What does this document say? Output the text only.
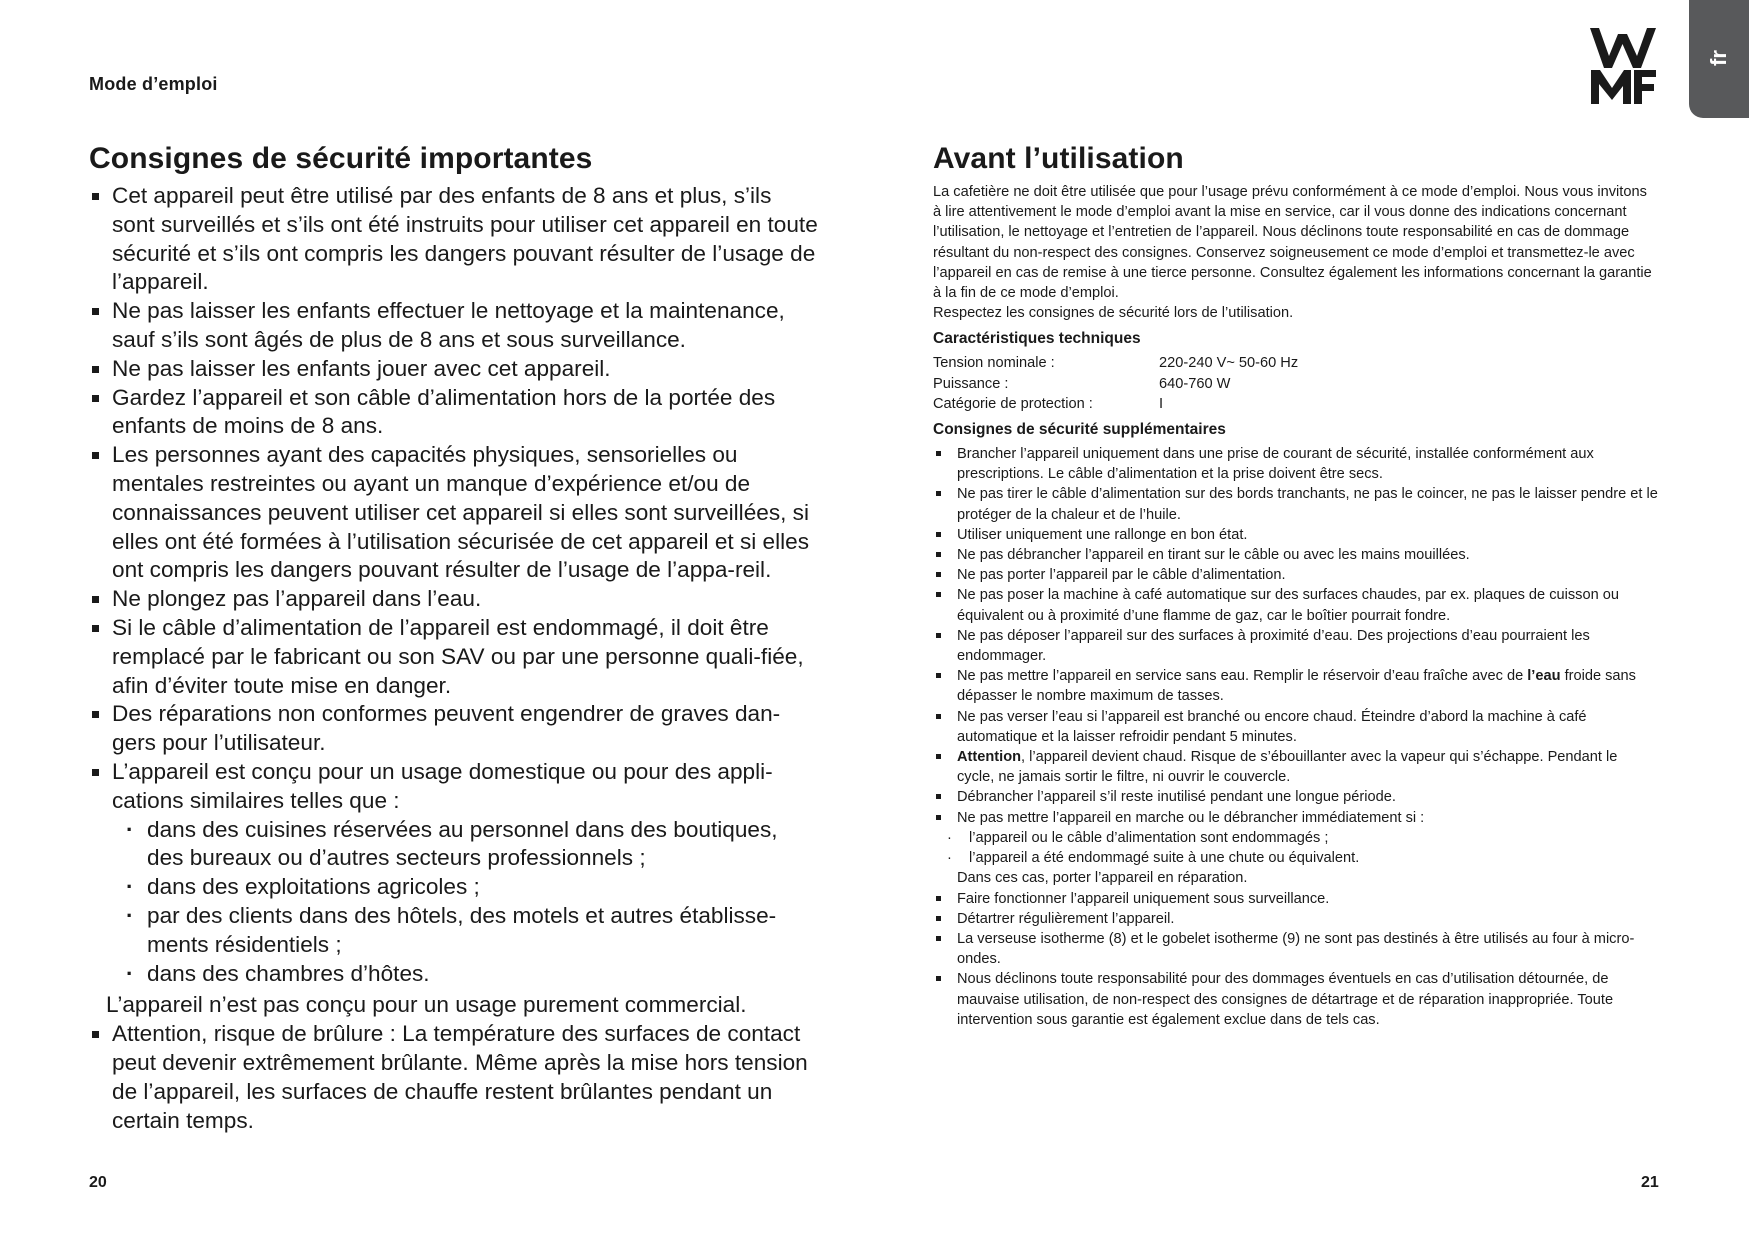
Mode d’emploi
fr
Consignes de sécurité importantes
Cet appareil peut être utilisé par des enfants de 8 ans et plus, s’ils sont surveillés et s’ils ont été instruits pour utiliser cet appareil en toute sécurité et s’ils ont compris les dangers pouvant résulter de l’usage de l’appareil.
Ne pas laisser les enfants effectuer le nettoyage et la maintenance, sauf s’ils sont âgés de plus de 8 ans et sous surveillance.
Ne pas laisser les enfants jouer avec cet appareil.
Gardez l’appareil et son câble d’alimentation hors de la portée des enfants de moins de 8 ans.
Les personnes ayant des capacités physiques, sensorielles ou mentales restreintes ou ayant un manque d’expérience et/ou de connaissances peuvent utiliser cet appareil si elles sont surveillées, si elles ont été formées à l’utilisation sécurisée de cet appareil et si elles ont compris les dangers pouvant résulter de l’usage de l’appa-reil.
Ne plongez pas l’appareil dans l’eau.
Si le câble d’alimentation de l’appareil est endommagé, il doit être remplacé par le fabricant ou son SAV ou par une personne quali-fiée, afin d’éviter toute mise en danger.
Des réparations non conformes peuvent engendrer de graves dan-gers pour l’utilisateur.
L’appareil est conçu pour un usage domestique ou pour des appli-cations similaires telles que :
· dans des cuisines réservées au personnel dans des boutiques, des bureaux ou d’autres secteurs professionnels ;
· dans des exploitations agricoles ;
· par des clients dans des hôtels, des motels et autres établisse-ments résidentiels ;
· dans des chambres d’hôtes.
L’appareil n’est pas conçu pour un usage purement commercial.
Attention, risque de brûlure : La température des surfaces de contact peut devenir extrêmement brûlante. Même après la mise hors tension de l’appareil, les surfaces de chauffe restent brûlantes pendant un certain temps.
Avant l’utilisation

La cafetière ne doit être utilisée que pour l’usage prévu conformément à ce mode d’emploi. Nous vous invitons à lire attentivement le mode d’emploi avant la mise en service, car il vous donne des indications concernant l’utilisation, le nettoyage et l’entretien de l’appareil. Nous déclinons toute responsabilité en cas de dommage résultant du non-respect des consignes. Conservez soigneusement ce mode d’emploi et transmettez-le avec l’appareil en cas de remise à une tierce personne. Consultez également les informations concernant la garantie à la fin de ce mode d’emploi.

Respectez les consignes de sécurité lors de l’utilisation.

Caractéristiques techniques
Tension nominale :	220-240 V~ 50-60 Hz
Puissance :	640-760 W
Catégorie de protection :	I
Consignes de sécurité supplémentaires
Brancher l’appareil uniquement dans une prise de courant de sécurité, installée conformément aux prescriptions. Le câble d’alimentation et la prise doivent être secs.
Ne pas tirer le câble d’alimentation sur des bords tranchants, ne pas le coincer, ne pas le laisser pendre et le protéger de la chaleur et de l’huile.
Utiliser uniquement une rallonge en bon état.
Ne pas débrancher l’appareil en tirant sur le câble ou avec les mains mouillées.
Ne pas porter l’appareil par le câble d’alimentation.
Ne pas poser la machine à café automatique sur des surfaces chaudes, par ex. plaques de cuisson ou équivalent ou à proximité d’une flamme de gaz, car le boîtier pourrait fondre.
Ne pas déposer l’appareil sur des surfaces à proximité d’eau. Des projections d’eau pourraient les endommager.
Ne pas mettre l’appareil en service sans eau. Remplir le réservoir d’eau fraîche avec de l’eau froide sans dépasser le nombre maximum de tasses.
Ne pas verser l’eau si l’appareil est branché ou encore chaud. Éteindre d’abord la machine à café automatique et la laisser refroidir pendant 5 minutes.
Attention, l’appareil devient chaud. Risque de s’ébouillanter avec la vapeur qui s’échappe. Pendant le cycle, ne jamais sortir le filtre, ni ouvrir le couvercle.
Débrancher l’appareil s’il reste inutilisé pendant une longue période.
Ne pas mettre l’appareil en marche ou le débrancher immédiatement si :
· l’appareil ou le câble d’alimentation sont endommagés ;
· l’appareil a été endommagé suite à une chute ou équivalent.
Dans ces cas, porter l’appareil en réparation.
Faire fonctionner l’appareil uniquement sous surveillance.
Détartrer régulièrement l’appareil.
La verseuse isotherme (8) et le gobelet isotherme (9) ne sont pas destinés à être utilisés au four à micro-ondes.
Nous déclinons toute responsabilité pour des dommages éventuels en cas d’utilisation détournée, de mauvaise utilisation, de non-respect des consignes de détartrage et de réparation inappropriée. Toute intervention sous garantie est également exclue dans de tels cas.
20	21
